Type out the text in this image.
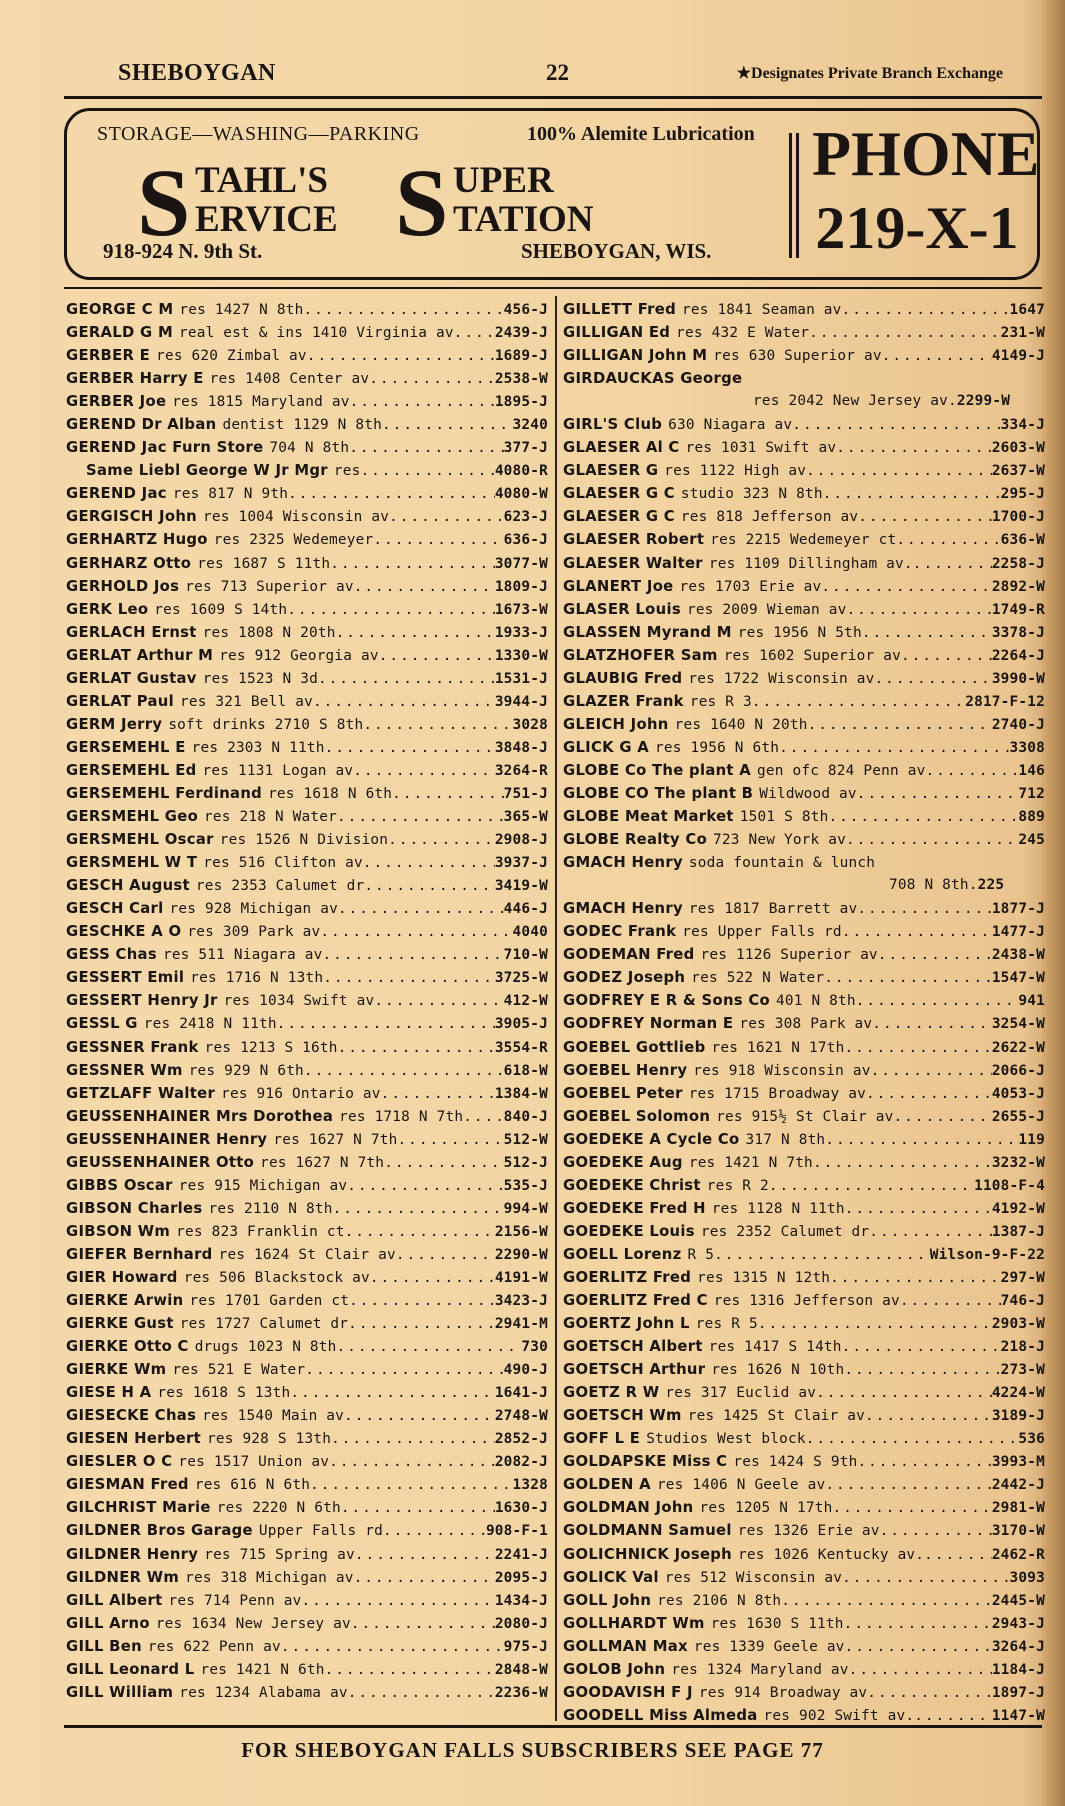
SHEBOYGAN	22	★Designates Private Branch Exchange
STORAGE—WASHING—PARKING	100% Alemite Lubrication
S TAHL'S
ERVICE S UPER
TATION
918-924 N. 9th St.	SHEBOYGAN, WIS.
PHONE
219-X-1
GEORGE C M res 1427 N 8th .....	456-J
GERALD G M real est & ins 1410 Virginia av .....	2439-J
GERBER E res 620 Zimbal av .....	1689-J
GERBER Harry E res 1408 Center av .....	2538-W
GERBER Joe res 1815 Maryland av .....	1895-J
GEREND Dr Alban dentist 1129 N 8th .....	3240
GEREND Jac Furn Store 704 N 8th .....	377-J
Same Liebl George W Jr Mgr res .....	4080-R
GEREND Jac res 817 N 9th .....	4080-W
GERGISCH John res 1004 Wisconsin av .....	623-J
GERHARTZ Hugo res 2325 Wedemeyer .....	636-J
GERHARZ Otto res 1687 S 11th .....	3077-W
GERHOLD Jos res 713 Superior av .....	1809-J
GERK Leo res 1609 S 14th .....	1673-W
GERLACH Ernst res 1808 N 20th .....	1933-J
GERLAT Arthur M res 912 Georgia av .....	1330-W
GERLAT Gustav res 1523 N 3d .....	1531-J
GERLAT Paul res 321 Bell av .....	3944-J
GERM Jerry soft drinks 2710 S 8th .....	3028
GERSEMEHL E res 2303 N 11th .....	3848-J
GERSEMEHL Ed res 1131 Logan av .....	3264-R
GERSEMEHL Ferdinand res 1618 N 6th .....	751-J
GERSMEHL Geo res 218 N Water .....	365-W
GERSMEHL Oscar res 1526 N Division .....	2908-J
GERSMEHL W T res 516 Clifton av .....	3937-J
GESCH August res 2353 Calumet dr .....	3419-W
GESCH Carl res 928 Michigan av .....	446-J
GESCHKE A O res 309 Park av .....	4040
GESS Chas res 511 Niagara av .....	710-W
GESSERT Emil res 1716 N 13th .....	3725-W
GESSERT Henry Jr res 1034 Swift av .....	412-W
GESSL G res 2418 N 11th .....	3905-J
GESSNER Frank res 1213 S 16th .....	3554-R
GESSNER Wm res 929 N 6th .....	618-W
GETZLAFF Walter res 916 Ontario av .....	1384-W
GEUSSENHAINER Mrs Dorothea res 1718 N 7th .....	840-J
GEUSSENHAINER Henry res 1627 N 7th .....	512-W
GEUSSENHAINER Otto res 1627 N 7th .....	512-J
GIBBS Oscar res 915 Michigan av .....	535-J
GIBSON Charles res 2110 N 8th .....	994-W
GIBSON Wm res 823 Franklin ct .....	2156-W
GIEFER Bernhard res 1624 St Clair av .....	2290-W
GIER Howard res 506 Blackstock av .....	4191-W
GIERKE Arwin res 1701 Garden ct .....	3423-J
GIERKE Gust res 1727 Calumet dr .....	2941-M
GIERKE Otto C drugs 1023 N 8th .....	730
GIERKE Wm res 521 E Water .....	490-J
GIESE H A res 1618 S 13th .....	1641-J
GIESECKE Chas res 1540 Main av .....	2748-W
GIESEN Herbert res 928 S 13th .....	2852-J
GIESLER O C res 1517 Union av .....	2082-J
GIESMAN Fred res 616 N 6th .....	1328
GILCHRIST Marie res 2220 N 6th .....	1630-J
GILDNER Bros Garage Upper Falls rd .....	908-F-1
GILDNER Henry res 715 Spring av .....	2241-J
GILDNER Wm res 318 Michigan av .....	2095-J
GILL Albert res 714 Penn av .....	1434-J
GILL Arno res 1634 New Jersey av .....	2080-J
GILL Ben res 622 Penn av .....	975-J
GILL Leonard L res 1421 N 6th .....	2848-W
GILL William res 1234 Alabama av .....	2236-W
GILLETT Fred res 1841 Seaman av .....	1647
GILLIGAN Ed res 432 E Water .....	231-W
GILLIGAN John M res 630 Superior av .....	4149-J
GIRDAUCKAS George
res 2042 New Jersey av. 2299-W
GIRL'S Club 630 Niagara av .....	334-J
GLAESER Al C res 1031 Swift av .....	2603-W
GLAESER G res 1122 High av .....	2637-W
GLAESER G C studio 323 N 8th .....	295-J
GLAESER G C res 818 Jefferson av .....	1700-J
GLAESER Robert res 2215 Wedemeyer ct .....	636-W
GLAESER Walter res 1109 Dillingham av. .....	2258-J
GLANERT Joe res 1703 Erie av .....	2892-W
GLASER Louis res 2009 Wieman av .....	1749-R
GLASSEN Myrand M res 1956 N 5th .....	3378-J
GLATZHOFER Sam res 1602 Superior av .....	2264-J
GLAUBIG Fred res 1722 Wisconsin av .....	3990-W
GLAZER Frank res R 3 .....	2817-F-12
GLEICH John res 1640 N 20th .....	2740-J
GLICK G A res 1956 N 6th .....	3308
GLOBE Co The plant A gen ofc 824 Penn av .....	146
GLOBE CO The plant B Wildwood av .....	712
GLOBE Meat Market 1501 S 8th .....	889
GLOBE Realty Co 723 New York av .....	245
GMACH Henry soda fountain & lunch
708 N 8th. 225
GMACH Henry res 1817 Barrett av .....	1877-J
GODEC Frank res Upper Falls rd .....	1477-J
GODEMAN Fred res 1126 Superior av .....	2438-W
GODEZ Joseph res 522 N Water .....	1547-W
GODFREY E R & Sons Co 401 N 8th .....	941
GODFREY Norman E res 308 Park av .....	3254-W
GOEBEL Gottlieb res 1621 N 17th .....	2622-W
GOEBEL Henry res 918 Wisconsin av .....	2066-J
GOEBEL Peter res 1715 Broadway av .....	4053-J
GOEBEL Solomon res 915½ St Clair av .....	2655-J
GOEDEKE A Cycle Co 317 N 8th .....	119
GOEDEKE Aug res 1421 N 7th .....	3232-W
GOEDEKE Christ res R 2 .....	1108-F-4
GOEDEKE Fred H res 1128 N 11th .....	4192-W
GOEDEKE Louis res 2352 Calumet dr .....	1387-J
GOELL Lorenz R 5 .....	Wilson-9-F-22
GOERLITZ Fred res 1315 N 12th .....	297-W
GOERLITZ Fred C res 1316 Jefferson av .....	746-J
GOERTZ John L res R 5 .....	2903-W
GOETSCH Albert res 1417 S 14th .....	218-J
GOETSCH Arthur res 1626 N 10th .....	273-W
GOETZ R W res 317 Euclid av .....	4224-W
GOETSCH Wm res 1425 St Clair av .....	3189-J
GOFF L E Studios West block .....	536
GOLDAPSKE Miss C res 1424 S 9th .....	3993-M
GOLDEN A res 1406 N Geele av .....	2442-J
GOLDMAN John res 1205 N 17th .....	2981-W
GOLDMANN Samuel res 1326 Erie av .....	3170-W
GOLICHNICK Joseph res 1026 Kentucky av. .....	2462-R
GOLICK Val res 512 Wisconsin av .....	3093
GOLL John res 2106 N 8th .....	2445-W
GOLLHARDT Wm res 1630 S 11th .....	2943-J
GOLLMAN Max res 1339 Geele av .....	3264-J
GOLOB John res 1324 Maryland av .....	1184-J
GOODAVISH F J res 914 Broadway av .....	1897-J
GOODELL Miss Almeda res 902 Swift av. .....	1147-W
FOR SHEBOYGAN FALLS SUBSCRIBERS SEE PAGE 77
